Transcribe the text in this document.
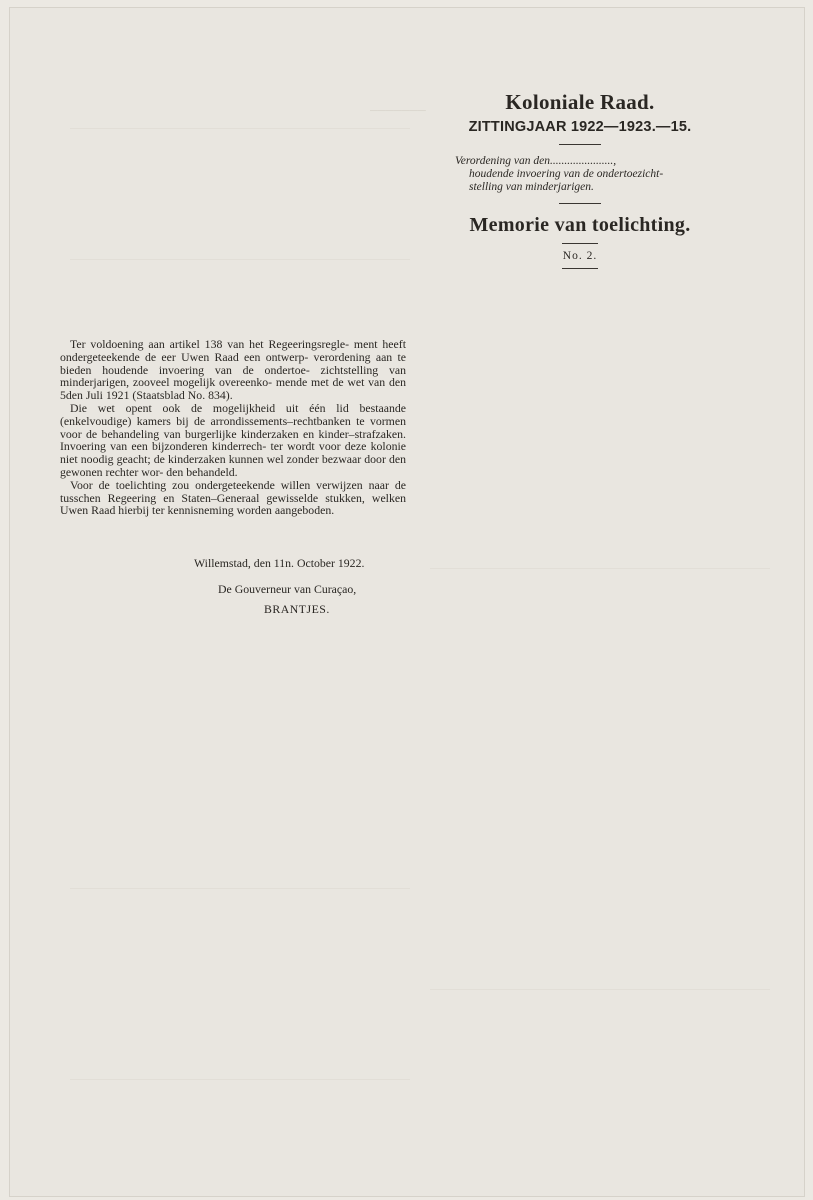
───────	Koloniale Raad.
ZITTINGJAAR 1922—1923.—15.
Verordening van den......................,

houdende invoering van de ondertoezicht-
stelling van minderjarigen.
Memorie van toelichting.
No. 2.

Ter voldoening aan artikel 138 van het Regeeringsregle- ment heeft ondergeteekende de eer Uwen Raad een ontwerp- verordening aan te bieden houdende invoering van de ondertoe- zichtstelling van minderjarigen, zooveel mogelijk overeenko- mende met de wet van den 5den Juli 1921 (Staatsblad No. 834).

Die wet opent ook de mogelijkheid uit één lid bestaande (enkelvoudige) kamers bij de arrondissements–rechtbanken te vormen voor de behandeling van burgerlijke kinderzaken en kinder–strafzaken. Invoering van een bijzonderen kinderrech- ter wordt voor deze kolonie niet noodig geacht; de kinderzaken kunnen wel zonder bezwaar door den gewonen rechter wor- den behandeld.

Voor de toelichting zou ondergeteekende willen verwijzen naar de tusschen Regeering en Staten–Generaal gewisselde stukken, welken Uwen Raad hierbij ter kennisneming worden aangeboden.

Willemstad, den 11n. October 1922.
De Gouverneur van Curaçao,
BRANTJES.
